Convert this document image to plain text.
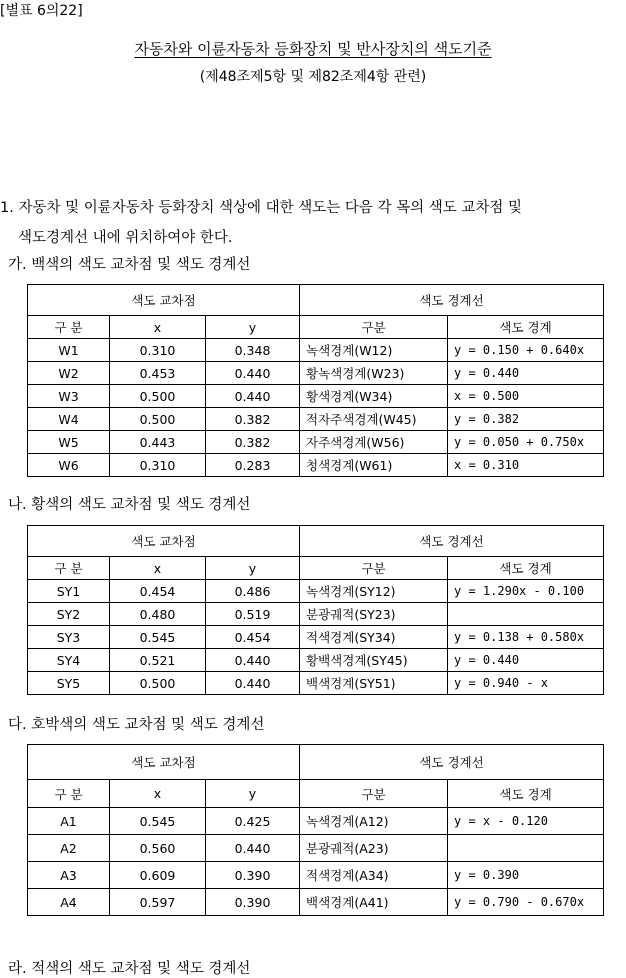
[별표 6의22]
자동차와 이륜자동차 등화장치 및 반사장치의 색도기준
(제48조제5항 및 제82조제4항 관련)
1. 자동차 및 이륜자동차 등화장치 색상에 대한 색도는 다음 각 목의 색도 교차점 및
색도경계선 내에 위치하여야 한다.
가. 백색의 색도 교차점 및 색도 경계선
색도 교차점			색도 경계선	
구 분	x	y	구분	색도 경계
W1	0.310	0.348	녹색경계(W12)	y = 0.150 + 0.640x
W2	0.453	0.440	황녹색경계(W23)	y = 0.440
W3	0.500	0.440	황색경계(W34)	x = 0.500
W4	0.500	0.382	적자주색경계(W45)	y = 0.382
W5	0.443	0.382	자주색경계(W56)	y = 0.050 + 0.750x
W6	0.310	0.283	청색경계(W61)	x = 0.310
나. 황색의 색도 교차점 및 색도 경계선
색도 교차점			색도 경계선	
구 분	x	y	구분	색도 경계
SY1	0.454	0.486	녹색경계(SY12)	y = 1.290x - 0.100
SY2	0.480	0.519	분광궤적(SY23)	
SY3	0.545	0.454	적색경계(SY34)	y = 0.138 + 0.580x
SY4	0.521	0.440	황백색경계(SY45)	y = 0.440
SY5	0.500	0.440	백색경계(SY51)	y = 0.940 - x
다. 호박색의 색도 교차점 및 색도 경계선
색도 교차점			색도 경계선	
구 분	x	y	구분	색도 경계
A1	0.545	0.425	녹색경계(A12)	y = x - 0.120
A2	0.560	0.440	분광궤적(A23)	
A3	0.609	0.390	적색경계(A34)	y = 0.390
A4	0.597	0.390	백색경계(A41)	y = 0.790 - 0.670x
라. 적색의 색도 교차점 및 색도 경계선
